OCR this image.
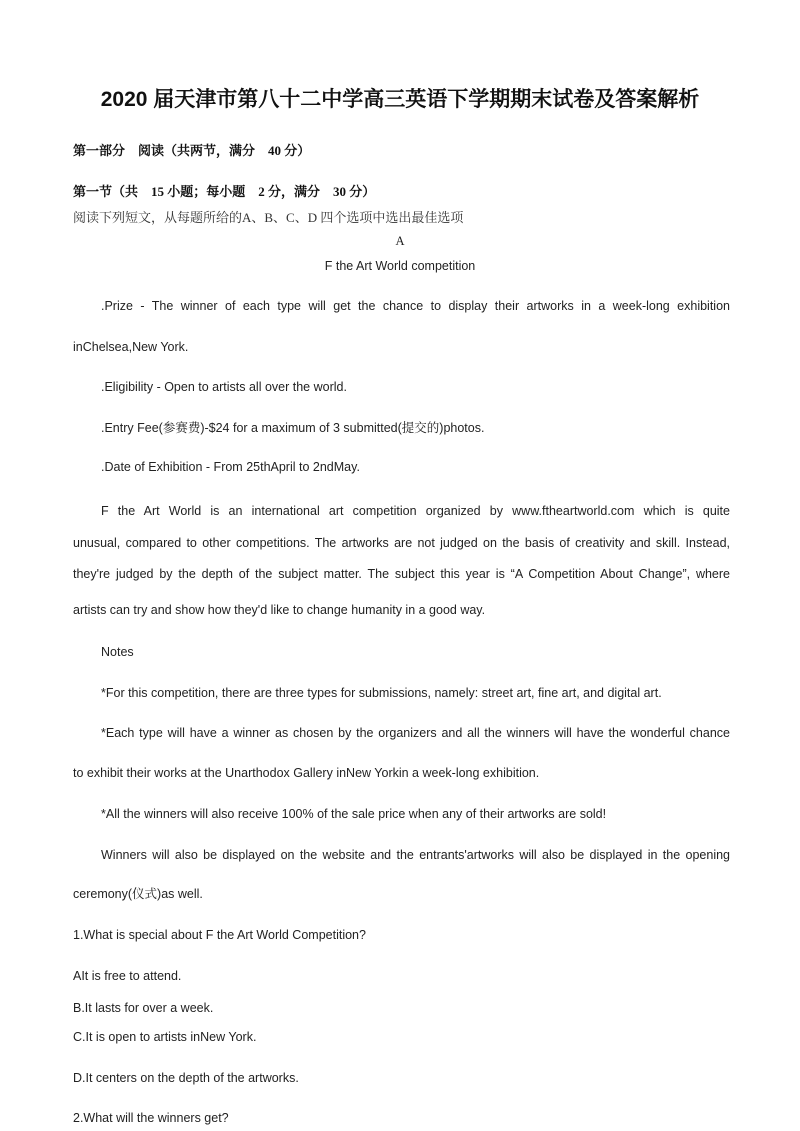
2020 届天津市第八十二中学高三英语下学期期末试卷及答案解析
第一部分　阅读（共两节，满分　40 分）
第一节（共　15 小题；每小题　2 分，满分　30 分）
阅读下列短文，从每题所给的A、B、C、D 四个选项中选出最佳选项
A
F the Art World competition
.Prize - The winner of each type will get the chance to display their artworks in a week-long exhibition
inChelsea,New York.
.Eligibility - Open to artists all over the world.
.Entry Fee(参赛费)-$24 for a maximum of 3 submitted(提交的)photos.
.Date of Exhibition - From 25thApril to 2ndMay.
F the Art World is an international art competition organized by www.ftheartworld.com which is quite
unusual, compared to other competitions. The artworks are not judged on the basis of creativity and skill. Instead,
they're judged by the depth of the subject matter. The subject this year is “A Competition About Change”, where
artists can try and show how they'd like to change humanity in a good way.
Notes
*For this competition, there are three types for submissions, namely: street art, fine art, and digital art.
*Each type will have a winner as chosen by the organizers and all the winners will have the wonderful chance
to exhibit their works at the Unarthodox Gallery inNew Yorkin a week-long exhibition.
*All the winners will also receive 100% of the sale price when any of their artworks are sold!
Winners will also be displayed on the website and the entrants'artworks will also be displayed in the opening
ceremony(仪式)as well.
1.What is special about F the Art World Competition?
AIt is free to attend.
B.It lasts for over a week.
C.It is open to artists inNew York.
D.It centers on the depth of the artworks.
2.What will the winners get?
